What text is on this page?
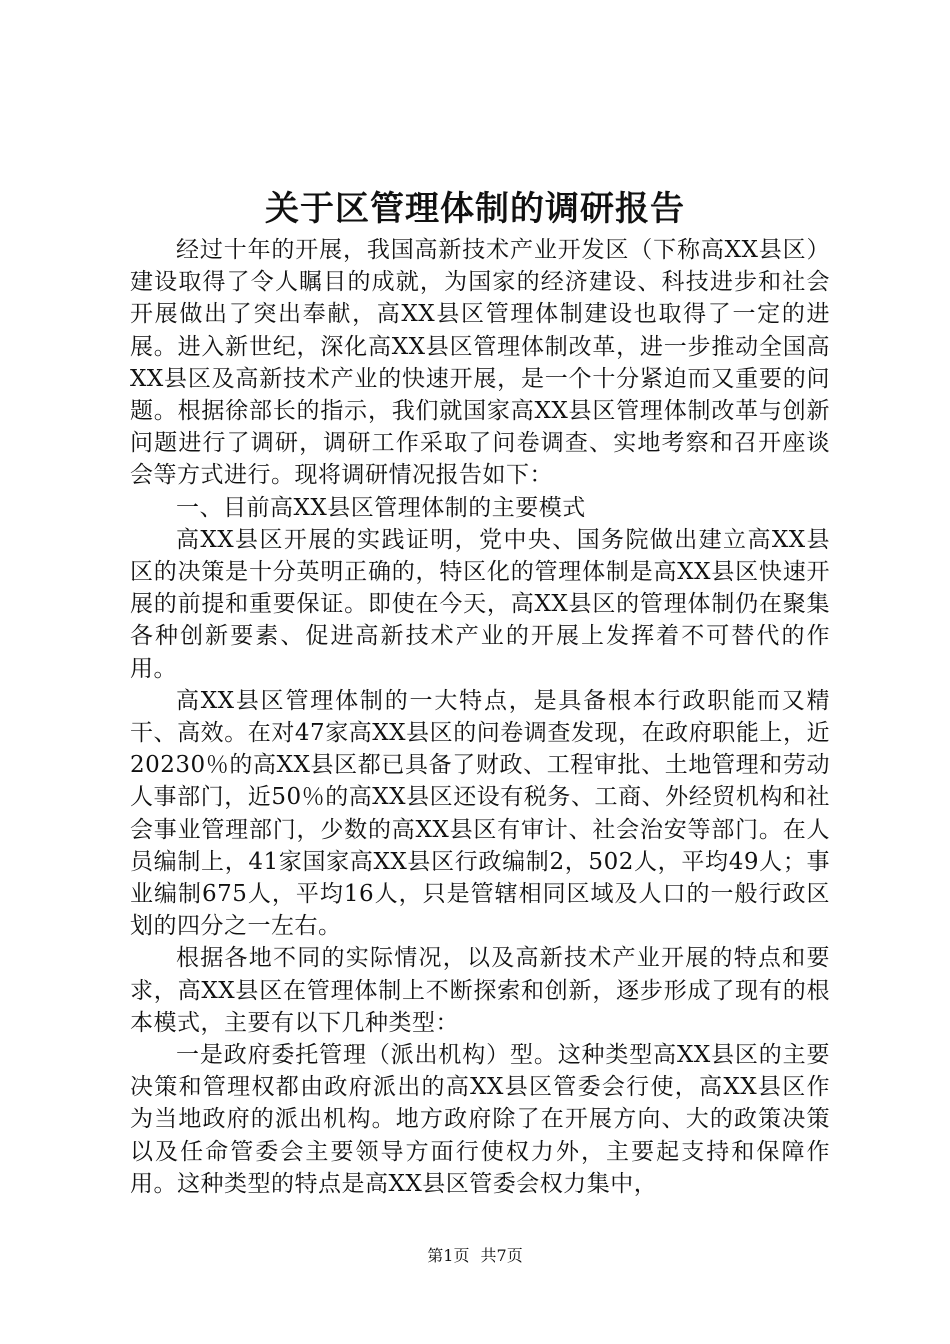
关于区管理体制的调研报告

经过十年的开展，我国高新技术产业开发区（下称高XX县区）建设取得了令人瞩目的成就，为国家的经济建设、科技进步和社会开展做出了突出奉献，高XX县区管理体制建设也取得了一定的进展。进入新世纪，深化高XX县区管理体制改革，进一步推动全国高XX县区及高新技术产业的快速开展，是一个十分紧迫而又重要的问题。根据徐部长的指示，我们就国家高XX县区管理体制改革与创新问题进行了调研，调研工作采取了问卷调查、实地考察和召开座谈会等方式进行。现将调研情况报告如下：

一、目前高XX县区管理体制的主要模式

高XX县区开展的实践证明，党中央、国务院做出建立高XX县区的决策是十分英明正确的，特区化的管理体制是高XX县区快速开展的前提和重要保证。即使在今天，高XX县区的管理体制仍在聚集各种创新要素、促进高新技术产业的开展上发挥着不可替代的作用。

高XX县区管理体制的一大特点，是具备根本行政职能而又精干、高效。在对47家高XX县区的问卷调查发现，在政府职能上，近20230％的高XX县区都已具备了财政、工程审批、土地管理和劳动人事部门，近50％的高XX县区还设有税务、工商、外经贸机构和社会事业管理部门，少数的高XX县区有审计、社会治安等部门。在人员编制上，41家国家高XX县区行政编制2，502人，平均49人；事业编制675人，平均16人，只是管辖相同区域及人口的一般行政区划的四分之一左右。

根据各地不同的实际情况，以及高新技术产业开展的特点和要求，高XX县区在管理体制上不断探索和创新，逐步形成了现有的根本模式，主要有以下几种类型：

一是政府委托管理（派出机构）型。这种类型高XX县区的主要决策和管理权都由政府派出的高XX县区管委会行使，高XX县区作为当地政府的派出机构。地方政府除了在开展方向、大的政策决策以及任命管委会主要领导方面行使权力外，主要起支持和保障作用。这种类型的特点是高XX县区管委会权力集中，

第1页 共7页
